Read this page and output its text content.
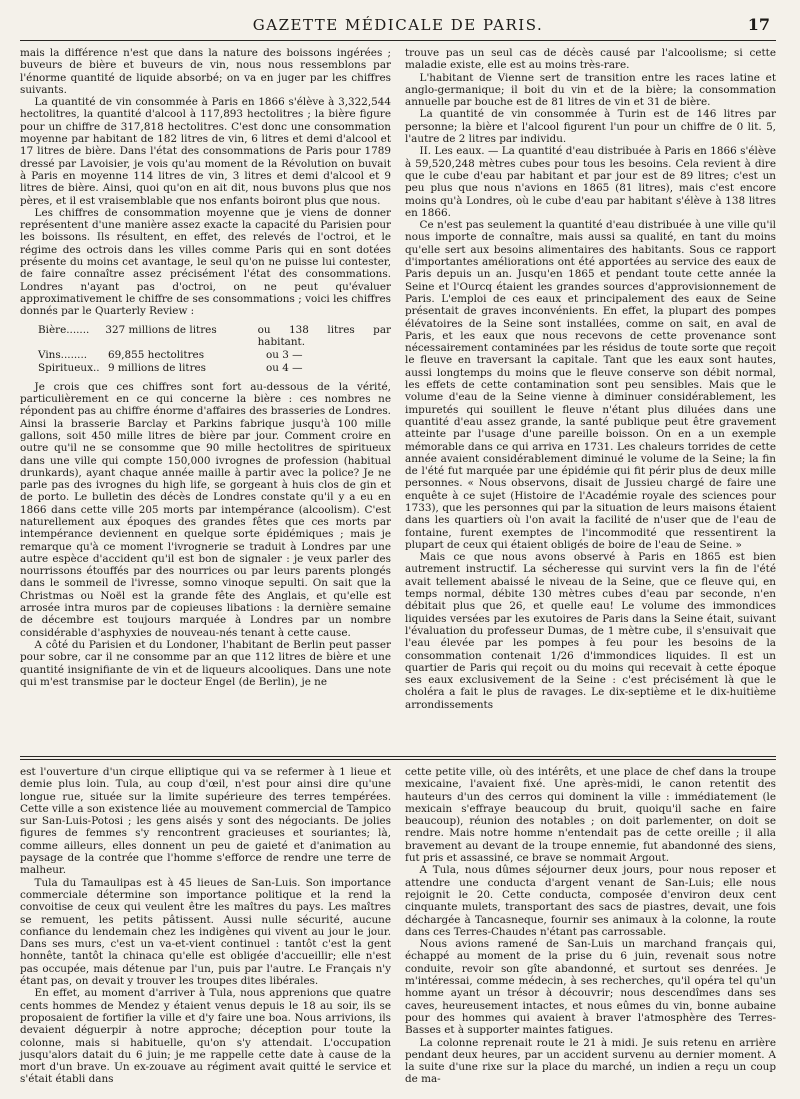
GAZETTE MÉDICALE DE PARIS.	17

mais la différence n'est que dans la nature des boissons ingérées ; buveurs de bière et buveurs de vin, nous nous ressemblons par l'énorme quantité de liquide absorbé; on va en juger par les chiffres suivants.

La quantité de vin consommée à Paris en 1866 s'élève à 3,322,544 hectolitres, la quantité d'alcool à 117,893 hectolitres ; la bière figure pour un chiffre de 317,818 hectolitres. C'est donc une consommation moyenne par habitant de 182 litres de vin, 6 litres et demi d'alcool et 17 litres de bière. Dans l'état des consommations de Paris pour 1789 dressé par Lavoisier, je vois qu'au moment de la Révolution on buvait à Paris en moyenne 114 litres de vin, 3 litres et demi d'alcool et 9 litres de bière. Ainsi, quoi qu'on en ait dit, nous buvons plus que nos pères, et il est vraisemblable que nos enfants boiront plus que nous.

Les chiffres de consommation moyenne que je viens de donner représentent d'une manière assez exacte la capacité du Parisien pour les boissons. Ils résultent, en effet, des relevés de l'octroi, et le régime des octrois dans les villes comme Paris qui en sont dotées présente du moins cet avantage, le seul qu'on ne puisse lui contester, de faire connaître assez précisément l'état des consommations. Londres n'ayant pas d'octroi, on ne peut qu'évaluer approximativement le chiffre de ses consommations ; voici les chiffres donnés par le Quarterly Review :

Bière.......	327 millions de litres	ou 138 litres par habitant.
Vins........	69,855 hectolitres	ou 3 —
Spiritueux.. 9 millions de litres	ou 4 —

Je crois que ces chiffres sont fort au-dessous de la vérité, particulièrement en ce qui concerne la bière : ces nombres ne répondent pas au chiffre énorme d'affaires des brasseries de Londres. Ainsi la brasserie Barclay et Parkins fabrique jusqu'à 100 mille gallons, soit 450 mille litres de bière par jour. Comment croire en outre qu'il ne se consomme que 90 mille hectolitres de spiritueux dans une ville qui compte 150,000 ivrognes de profession (habitual drunkards), ayant chaque année maille à partir avec la police? Je ne parle pas des ivrognes du high life, se gorgeant à huis clos de gin et de porto. Le bulletin des décès de Londres constate qu'il y a eu en 1866 dans cette ville 205 morts par intempérance (alcoolism). C'est naturellement aux époques des grandes fêtes que ces morts par intempérance deviennent en quelque sorte épidémiques ; mais je remarque qu'à ce moment l'ivrognerie se traduit à Londres par une autre espèce d'accident qu'il est bon de signaler : je veux parler des nourrissons étouffés par des nourrices ou par leurs parents plongés dans le sommeil de l'ivresse, somno vinoque sepulti. On sait que la Christmas ou Noël est la grande fête des Anglais, et qu'elle est arrosée intra muros par de copieuses libations : la dernière semaine de décembre est toujours marquée à Londres par un nombre considérable d'asphyxies de nouveau-nés tenant à cette cause.

A côté du Parisien et du Londoner, l'habitant de Berlin peut passer pour sobre, car il ne consomme par an que 112 litres de bière et une quantité insignifiante de vin et de liqueurs alcooliques. Dans une note qui m'est transmise par le docteur Engel (de Berlin), je ne

trouve pas un seul cas de décès causé par l'alcoolisme; si cette maladie existe, elle est au moins très-rare.

L'habitant de Vienne sert de transition entre les races latine et anglo-germanique; il boit du vin et de la bière; la consommation annuelle par bouche est de 81 litres de vin et 31 de bière.

La quantité de vin consommée à Turin est de 146 litres par personne; la bière et l'alcool figurent l'un pour un chiffre de 0 lit. 5, l'autre de 2 litres par individu.

II. Les eaux. — La quantité d'eau distribuée à Paris en 1866 s'élève à 59,520,248 mètres cubes pour tous les besoins. Cela revient à dire que le cube d'eau par habitant et par jour est de 89 litres; c'est un peu plus que nous n'avions en 1865 (81 litres), mais c'est encore moins qu'à Londres, où le cube d'eau par habitant s'élève à 138 litres en 1866.

Ce n'est pas seulement la quantité d'eau distribuée à une ville qu'il nous importe de connaître, mais aussi sa qualité, en tant du moins qu'elle sert aux besoins alimentaires des habitants. Sous ce rapport d'importantes améliorations ont été apportées au service des eaux de Paris depuis un an. Jusqu'en 1865 et pendant toute cette année la Seine et l'Ourcq étaient les grandes sources d'approvisionnement de Paris. L'emploi de ces eaux et principalement des eaux de Seine présentait de graves inconvénients. En effet, la plupart des pompes élévatoires de la Seine sont installées, comme on sait, en aval de Paris, et les eaux que nous recevons de cette provenance sont nécessairement contaminées par les résidus de toute sorte que reçoit le fleuve en traversant la capitale. Tant que les eaux sont hautes, aussi longtemps du moins que le fleuve conserve son débit normal, les effets de cette contamination sont peu sensibles. Mais que le volume d'eau de la Seine vienne à diminuer considérablement, les impuretés qui souillent le fleuve n'étant plus diluées dans une quantité d'eau assez grande, la santé publique peut être gravement atteinte par l'usage d'une pareille boisson. On en a un exemple mémorable dans ce qui arriva en 1731. Les chaleurs torrides de cette année avaient considérablement diminué le volume de la Seine; la fin de l'été fut marquée par une épidémie qui fit périr plus de deux mille personnes. « Nous observons, disait de Jussieu chargé de faire une enquête à ce sujet (Histoire de l'Académie royale des sciences pour 1733), que les personnes qui par la situation de leurs maisons étaient dans les quartiers où l'on avait la facilité de n'user que de l'eau de fontaine, furent exemptes de l'incommodité que ressentirent la plupart de ceux qui étaient obligés de boire de l'eau de Seine. »

Mais ce que nous avons observé à Paris en 1865 est bien autrement instructif. La sécheresse qui survint vers la fin de l'été avait tellement abaissé le niveau de la Seine, que ce fleuve qui, en temps normal, débite 130 mètres cubes d'eau par seconde, n'en débitait plus que 26, et quelle eau! Le volume des immondices liquides versées par les exutoires de Paris dans la Seine était, suivant l'évaluation du professeur Dumas, de 1 mètre cube, il s'ensuivait que l'eau élevée par les pompes à feu pour les besoins de la consommation contenait 1/26 d'immondices liquides. Il est un quartier de Paris qui reçoit ou du moins qui recevait à cette époque ses eaux exclusivement de la Seine : c'est précisément là que le choléra a fait le plus de ravages. Le dix-septième et le dix-huitième arrondissements

est l'ouverture d'un cirque elliptique qui va se refermer à 1 lieue et demie plus loin. Tula, au coup d'œil, n'est pour ainsi dire qu'une longue rue, située sur la limite supérieure des terres tempérées. Cette ville a son existence liée au mouvement commercial de Tampico sur San-Luis-Potosi ; les gens aisés y sont des négociants. De jolies figures de femmes s'y rencontrent gracieuses et souriantes; là, comme ailleurs, elles donnent un peu de gaieté et d'animation au paysage de la contrée que l'homme s'efforce de rendre une terre de malheur.

Tula du Tamaulipas est à 45 lieues de San-Luis. Son importance commerciale détermine son importance politique et la rend la convoitise de ceux qui veulent être les maîtres du pays. Les maîtres se remuent, les petits pâtissent. Aussi nulle sécurité, aucune confiance du lendemain chez les indigènes qui vivent au jour le jour. Dans ses murs, c'est un va-et-vient continuel : tantôt c'est la gent honnête, tantôt la chinaca qu'elle est obligée d'accueillir; elle n'est pas occupée, mais détenue par l'un, puis par l'autre. Le Français n'y étant pas, on devait y trouver les troupes dites libérales.

En effet, au moment d'arriver à Tula, nous apprenions que quatre cents hommes de Mendez y étaient venus depuis le 18 au soir, ils se proposaient de fortifier la ville et d'y faire une boa. Nous arrivions, ils devaient déguerpir à notre approche; déception pour toute la colonne, mais si habituelle, qu'on s'y attendait. L'occupation jusqu'alors datait du 6 juin; je me rappelle cette date à cause de la mort d'un brave. Un ex-zouave au régiment avait quitté le service et s'était établi dans

cette petite ville, où des intérêts, et une place de chef dans la troupe mexicaine, l'avaient fixé. Une après-midi, le canon retentit des hauteurs d'un des cerros qui dominent la ville : immédiatement (le mexicain s'effraye beaucoup du bruit, quoiqu'il sache en faire beaucoup), réunion des notables ; on doit parlementer, on doit se rendre. Mais notre homme n'entendait pas de cette oreille ; il alla bravement au devant de la troupe ennemie, fut abandonné des siens, fut pris et assassiné, ce brave se nommait Argout.

A Tula, nous dûmes séjourner deux jours, pour nous reposer et attendre une conducta d'argent venant de San-Luis; elle nous rejoignit le 20. Cette conducta, composée d'environ deux cent cinquante mulets, transportant des sacs de piastres, devait, une fois déchargée à Tancasneque, fournir ses animaux à la colonne, la route dans ces Terres-Chaudes n'étant pas carrossable.

Nous avions ramené de San-Luis un marchand français qui, échappé au moment de la prise du 6 juin, revenait sous notre conduite, revoir son gîte abandonné, et surtout ses denrées. Je m'intéressai, comme médecin, à ses recherches, qu'il opéra tel qu'un homme ayant un trésor à découvrir; nous descendîmes dans ses caves, heureusement intactes, et nous eûmes du vin, bonne aubaine pour des hommes qui avaient à braver l'atmosphère des Terres-Basses et à supporter maintes fatigues.

La colonne reprenait route le 21 à midi. Je suis retenu en arrière pendant deux heures, par un accident survenu au dernier moment. A la suite d'une rixe sur la place du marché, un indien a reçu un coup de ma-
